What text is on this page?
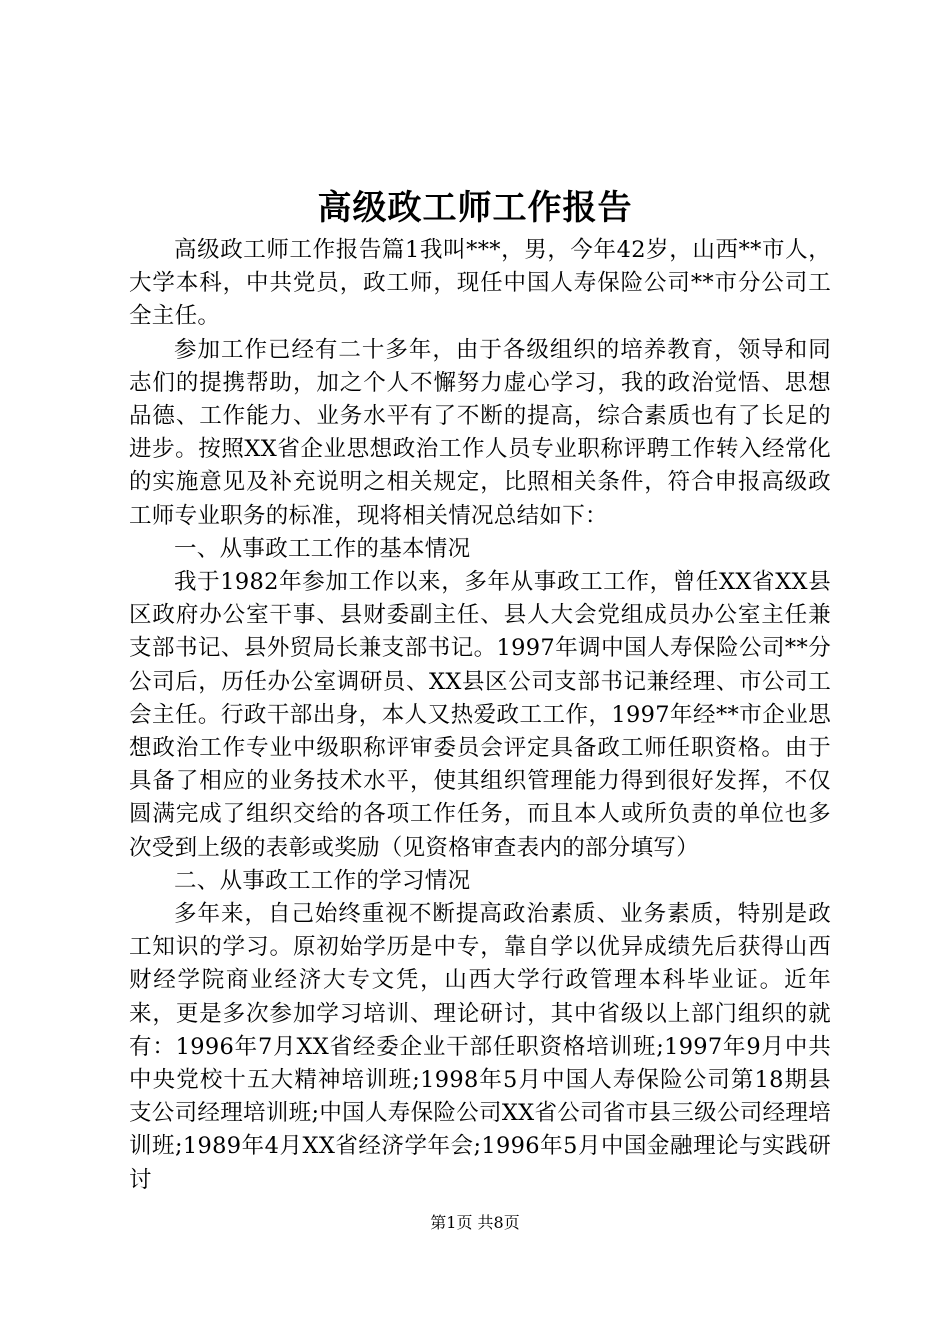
高级政工师工作报告

高级政工师工作报告篇1我叫***，男，今年42岁，山西**市人，大学本科，中共党员，政工师，现任中国人寿保险公司**市分公司工全主任。

参加工作已经有二十多年，由于各级组织的培养教育，领导和同志们的提携帮助，加之个人不懈努力虚心学习，我的政治觉悟、思想品德、工作能力、业务水平有了不断的提高，综合素质也有了长足的进步。按照XX省企业思想政治工作人员专业职称评聘工作转入经常化的实施意见及补充说明之相关规定，比照相关条件，符合申报高级政工师专业职务的标准，现将相关情况总结如下：

一、从事政工工作的基本情况

我于1982年参加工作以来，多年从事政工工作，曾任XX省XX县区政府办公室干事、县财委副主任、县人大会党组成员办公室主任兼支部书记、县外贸局长兼支部书记。1997年调中国人寿保险公司**分公司后，历任办公室调研员、XX县区公司支部书记兼经理、市公司工会主任。行政干部出身，本人又热爱政工工作，1997年经**市企业思想政治工作专业中级职称评审委员会评定具备政工师任职资格。由于具备了相应的业务技术水平，使其组织管理能力得到很好发挥，不仅圆满完成了组织交给的各项工作任务，而且本人或所负责的单位也多次受到上级的表彰或奖励（见资格审查表内的部分填写）

二、从事政工工作的学习情况

多年来，自己始终重视不断提高政治素质、业务素质，特别是政工知识的学习。原初始学历是中专，靠自学以优异成绩先后获得山西财经学院商业经济大专文凭，山西大学行政管理本科毕业证。近年来，更是多次参加学习培训、理论研讨，其中省级以上部门组织的就有：1996年7月XX省经委企业干部任职资格培训班;1997年9月中共中央党校十五大精神培训班;1998年5月中国人寿保险公司第18期县支公司经理培训班;中国人寿保险公司XX省公司省市县三级公司经理培训班;1989年4月XX省经济学年会;1996年5月中国金融理论与实践研讨

第1页 共8页
